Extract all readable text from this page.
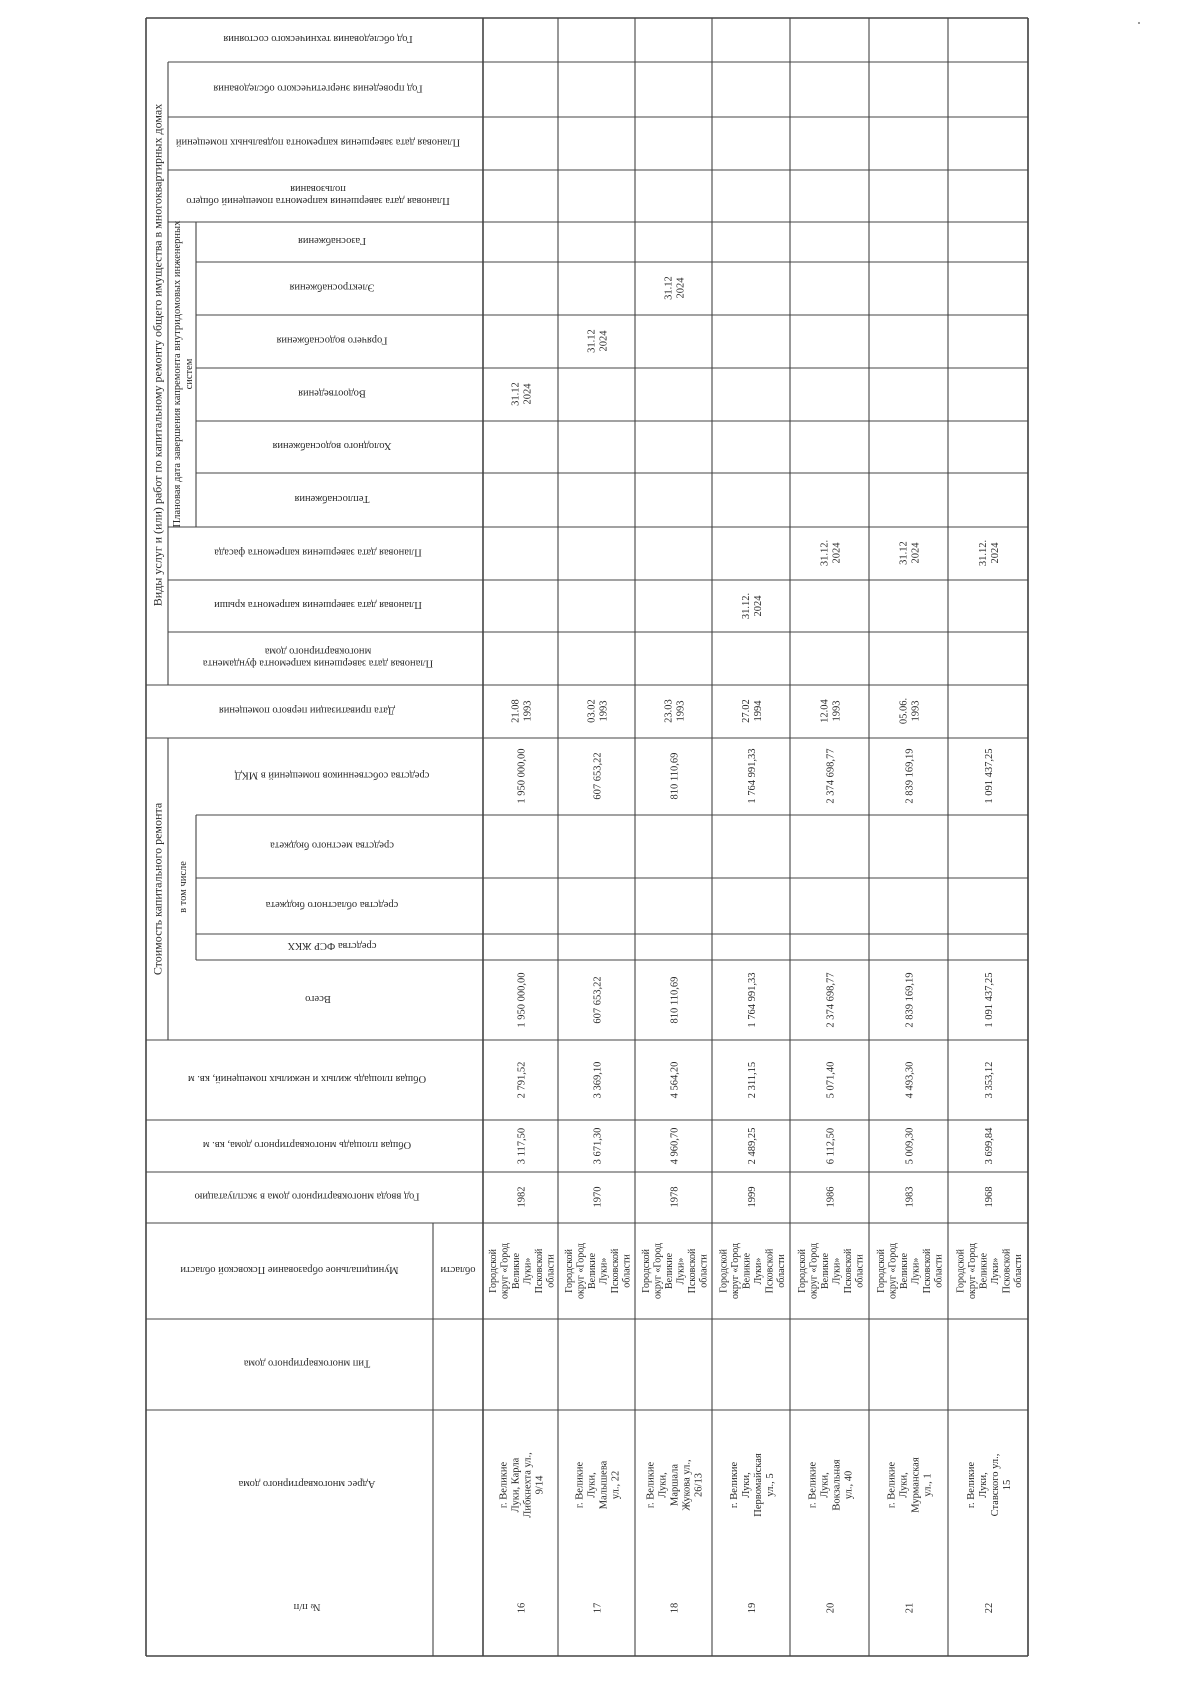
Виды услуг и (или) работ по капитальному ремонту общего имущества в многоквартирных домах Плановая дата завершения капремонта внутридомовых инженерныхсистем
Стоимость капитального ремонта в том числе
Год обследования технического состояния
Год проведения энергетического обследования
Плановая дата завершения капремонта подвальных помещений
Плановая дата завершения капремонта помещений общегопользования
Газоснабжения
Электроснабжения
Горячего водоснабжения
Водоотведения
Холодного водоснабжения
Теплоснабжения
Плановая дата завершения капремонта фасада
Плановая дата завершения капремонта крыши
Плановая дата завершения капремонта фундаментамногоквартирного дома
Дата приватизации первого помещения
средства собственников помещений в МКД
средства местного бюджета
средства областного бюджета
средства ФСР ЖКХ
Всего
Общая площадь жилых и нежилых помещений, кв. м
Общая площадь многоквартирного дома, кв. м
Год ввода многоквартирного дома в эксплуатацию
Муниципальное образование Псковской области
Тип многоквартирного дома
Адрес многоквартирного дома
№ п/п
области
16
г. ВеликиеЛуки, КарлаЛибкнехта ул.,9/14
Городскойокруг «ГородВеликиеЛуки»Псковскойобласти
1982
3 117,50
2 791,52
1 950 000,00
1 950 000,00
21.081993
31.122024
17
г. ВеликиеЛуки,Малышеваул., 22
Городскойокруг «ГородВеликиеЛуки»Псковскойобласти
1970
3 671,30
3 369,10
607 653,22
607 653,22
03.021993
31.122024
18
г. ВеликиеЛуки,МаршалаЖукова ул.,26/13
Городскойокруг «ГородВеликиеЛуки»Псковскойобласти
1978
4 960,70
4 564,20
810 110,69
810 110,69
23.031993
31.122024
19
г. ВеликиеЛуки,Первомайскаяул., 5
Городскойокруг «ГородВеликиеЛуки»Псковскойобласти
1999
2 489,25
2 311,15
1 764 991,33
1 764 991,33
27.021994
31.12.2024
20
г. ВеликиеЛуки,Вокзальнаяул., 40
Городскойокруг «ГородВеликиеЛуки»Псковскойобласти
1986
6 112,50
5 071,40
2 374 698,77
2 374 698,77
12.041993
31.12.2024
21
г. ВеликиеЛуки,Мурманскаяул., 1
Городскойокруг «ГородВеликиеЛуки»Псковскойобласти
1983
5 009,30
4 493,30
2 839 169,19
2 839 169,19
05.06.1993
31.122024
22
г. ВеликиеЛуки,Ставского ул.,15
Городскойокруг «ГородВеликиеЛуки»Псковскойобласти
1968
3 699,84
3 353,12
1 091 437,25
1 091 437,25
31.12.2024
